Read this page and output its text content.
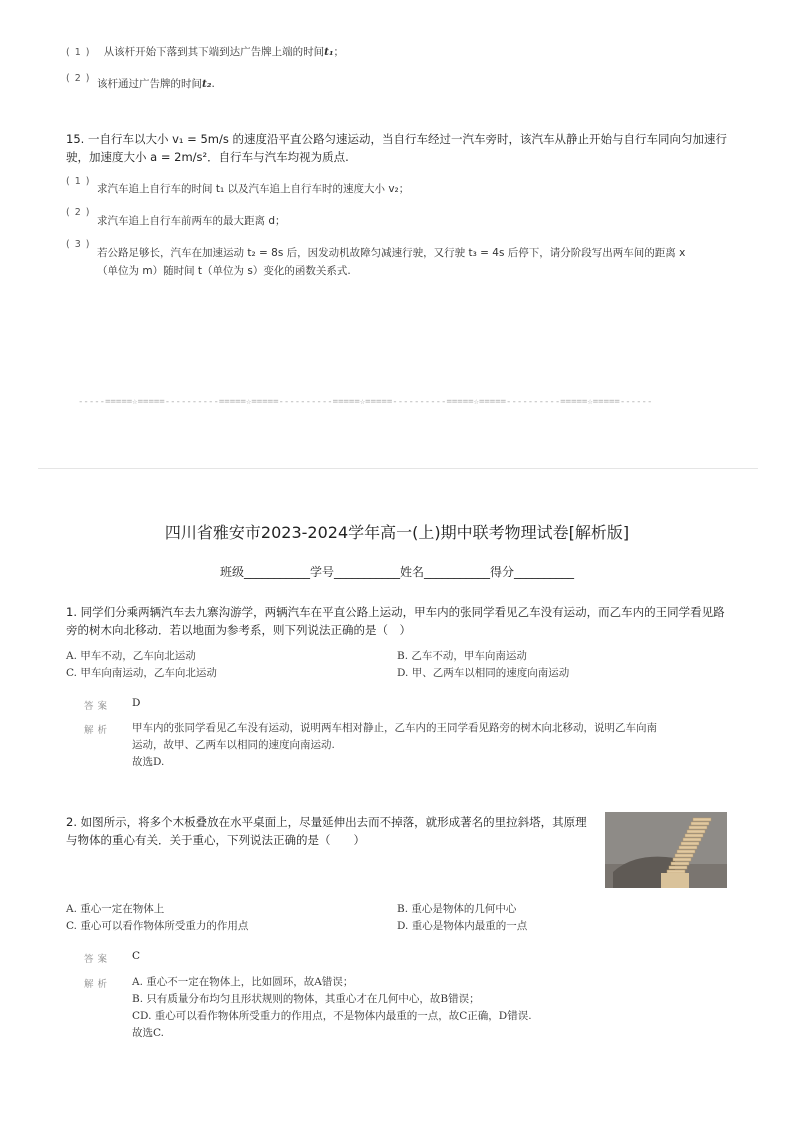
( 1 ) 从该杆开始下落到其下端到达广告牌上端的时间t₁；
( 2 ) 该杆通过广告牌的时间t₂.
15. 一自行车以大小 v₁ = 5m/s 的速度沿平直公路匀速运动，当自行车经过一汽车旁时，该汽车从静止开始与自行车同向匀加速行
驶，加速度大小 a = 2m/s²．自行车与汽车均视为质点.
( 1 )
求汽车追上自行车的时间 t₁ 以及汽车追上自行车时的速度大小 v₂；
( 2 )
求汽车追上自行车前两车的最大距离 d；
( 3 )
若公路足够长，汽车在加速运动 t₂ = 8s 后，因发动机故障匀减速行驶，又行驶 t₃ = 4s 后停下，请分阶段写出两车间的距离 x
（单位为 m）随时间 t（单位为 s）变化的函数关系式.
-----=====☆=====----------=====☆=====----------=====☆=====----------=====☆=====----------=====☆=====------
四川省雅安市2023-2024学年高一(上)期中联考物理试卷[解析版]
班级___________学号___________姓名___________得分__________
1. 同学们分乘两辆汽车去九寨沟游学，两辆汽车在平直公路上运动，甲车内的张同学看见乙车没有运动，而乙车内的王同学看见路
旁的树木向北移动．若以地面为参考系，则下列说法正确的是（　）
A. 甲车不动，乙车向北运动	B. 乙车不动，甲车向南运动
C. 甲车向南运动，乙车向北运动	D. 甲、乙两车以相同的速度向南运动
答案 D
解析 甲车内的张同学看见乙车没有运动，说明两车相对静止，乙车内的王同学看见路旁的树木向北移动，说明乙车向南
运动，故甲、乙两车以相同的速度向南运动.
故选D.
2. 如图所示，将多个木板叠放在水平桌面上，尽量延伸出去而不掉落，就形成著名的里拉斜塔，其原理
与物体的重心有关．关于重心，下列说法正确的是（　　）
A. 重心一定在物体上	B. 重心是物体的几何中心
C. 重心可以看作物体所受重力的作用点	D. 重心是物体内最重的一点
答案 C
解析 A. 重心不一定在物体上，比如圆环，故A错误；
B. 只有质量分布均匀且形状规则的物体，其重心才在几何中心，故B错误；
CD. 重心可以看作物体所受重力的作用点，不是物体内最重的一点，故C正确，D错误.
故选C.
